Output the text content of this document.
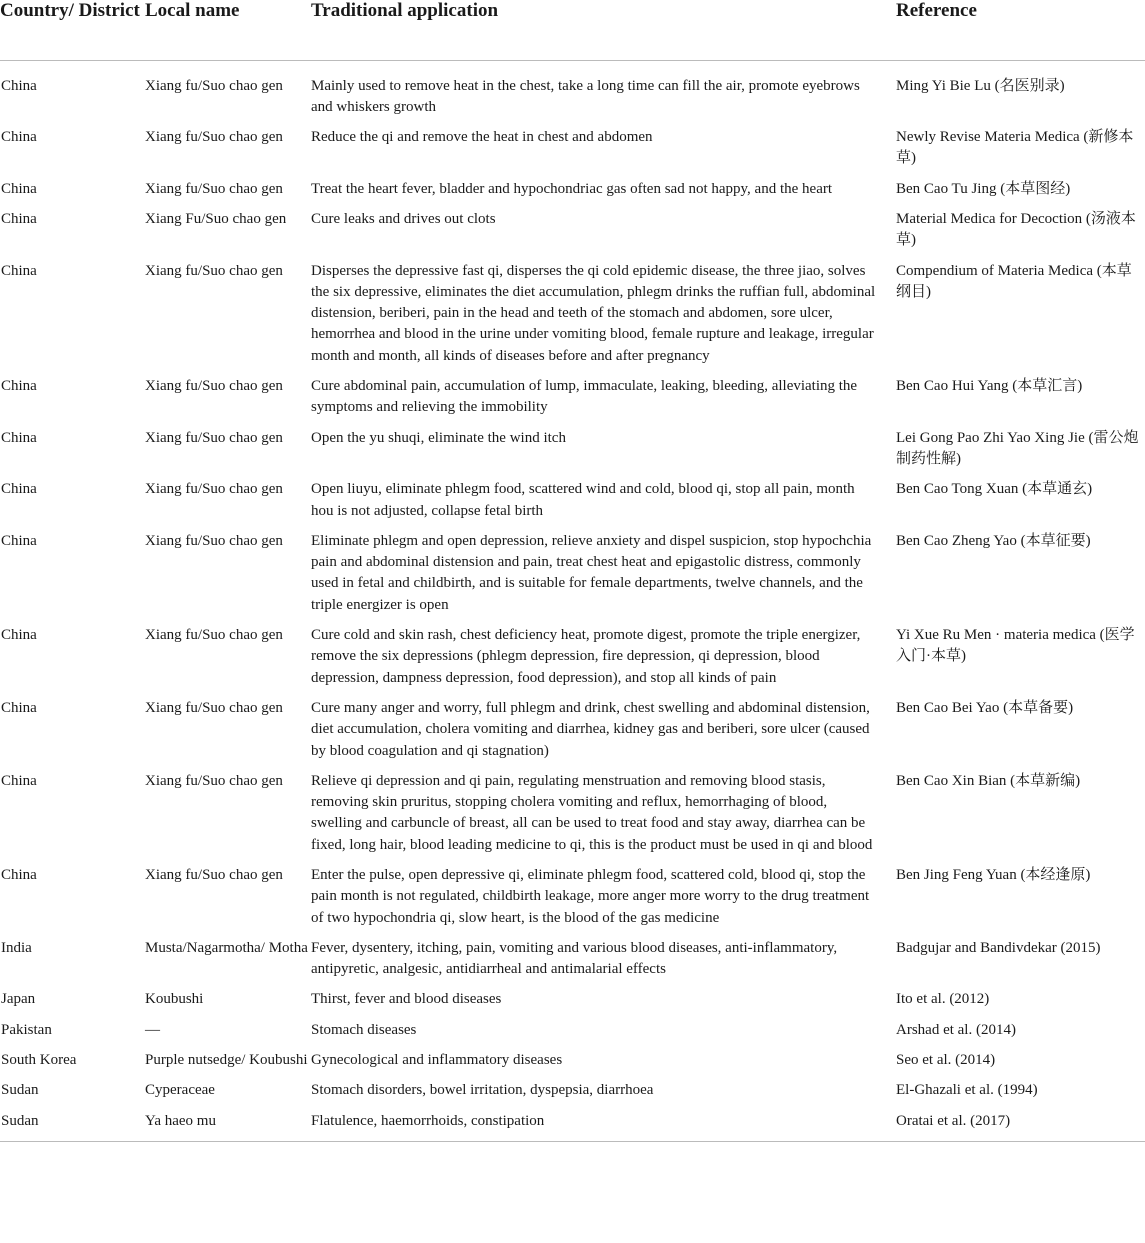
Country/ District	Local name	Traditional application	Reference

China	Xiang fu/Suo chao gen	Mainly used to remove heat in the chest, take a long time can fill the air, promote eyebrows and whiskers growth	Ming Yi Bie Lu (名医别录)
China	Xiang fu/Suo chao gen	Reduce the qi and remove the heat in chest and abdomen	Newly Revise Materia Medica (新修本草)
China	Xiang fu/Suo chao gen	Treat the heart fever, bladder and hypochondriac gas often sad not happy, and the heart	Ben Cao Tu Jing (本草图经)
China	Xiang Fu/Suo chao gen	Cure leaks and drives out clots	Material Medica for Decoction (汤液本草)
China	Xiang fu/Suo chao gen	Disperses the depressive fast qi, disperses the qi cold epidemic disease, the three jiao, solves the six depressive, eliminates the diet accumulation, phlegm drinks the ruffian full, abdominal distension, beriberi, pain in the head and teeth of the stomach and abdomen, sore ulcer, hemorrhea and blood in the urine under vomiting blood, female rupture and leakage, irregular month and month, all kinds of diseases before and after pregnancy	Compendium of Materia Medica (本草纲目)
China	Xiang fu/Suo chao gen	Cure abdominal pain, accumulation of lump, immaculate, leaking, bleeding, alleviating the symptoms and relieving the immobility	Ben Cao Hui Yang (本草汇言)
China	Xiang fu/Suo chao gen	Open the yu shuqi, eliminate the wind itch	Lei Gong Pao Zhi Yao Xing Jie (雷公炮制药性解)
China	Xiang fu/Suo chao gen	Open liuyu, eliminate phlegm food, scattered wind and cold, blood qi, stop all pain, month hou is not adjusted, collapse fetal birth	Ben Cao Tong Xuan (本草通玄)
China	Xiang fu/Suo chao gen	Eliminate phlegm and open depression, relieve anxiety and dispel suspicion, stop hypochchia pain and abdominal distension and pain, treat chest heat and epigastolic distress, commonly used in fetal and childbirth, and is suitable for female departments, twelve channels, and the triple energizer is open	Ben Cao Zheng Yao (本草征要)
China	Xiang fu/Suo chao gen	Cure cold and skin rash, chest deficiency heat, promote digest, promote the triple energizer, remove the six depressions (phlegm depression, fire depression, qi depression, blood depression, dampness depression, food depression), and stop all kinds of pain	Yi Xue Ru Men · materia medica (医学入门·本草)
China	Xiang fu/Suo chao gen	Cure many anger and worry, full phlegm and drink, chest swelling and abdominal distension, diet accumulation, cholera vomiting and diarrhea, kidney gas and beriberi, sore ulcer (caused by blood coagulation and qi stagnation)	Ben Cao Bei Yao (本草备要)
China	Xiang fu/Suo chao gen	Relieve qi depression and qi pain, regulating menstruation and removing blood stasis, removing skin pruritus, stopping cholera vomiting and reflux, hemorrhaging of blood, swelling and carbuncle of breast, all can be used to treat food and stay away, diarrhea can be fixed, long hair, blood leading medicine to qi, this is the product must be used in qi and blood	Ben Cao Xin Bian (本草新编)
China	Xiang fu/Suo chao gen	Enter the pulse, open depressive qi, eliminate phlegm food, scattered cold, blood qi, stop the pain month is not regulated, childbirth leakage, more anger more worry to the drug treatment of two hypochondria qi, slow heart, is the blood of the gas medicine	Ben Jing Feng Yuan (本经逢原)
India	Musta/Nagarmotha/ Motha	Fever, dysentery, itching, pain, vomiting and various blood diseases, anti-inflammatory, antipyretic, analgesic, antidiarrheal and antimalarial effects	Badgujar and Bandivdekar (2015)
Japan	Koubushi	Thirst, fever and blood diseases	Ito et al. (2012)
Pakistan	—	Stomach diseases	Arshad et al. (2014)
South Korea	Purple nutsedge/ Koubushi	Gynecological and inflammatory diseases	Seo et al. (2014)
Sudan	Cyperaceae	Stomach disorders, bowel irritation, dyspepsia, diarrhoea	El-Ghazali et al. (1994)
Sudan	Ya haeo mu	Flatulence, haemorrhoids, constipation	Oratai et al. (2017)
